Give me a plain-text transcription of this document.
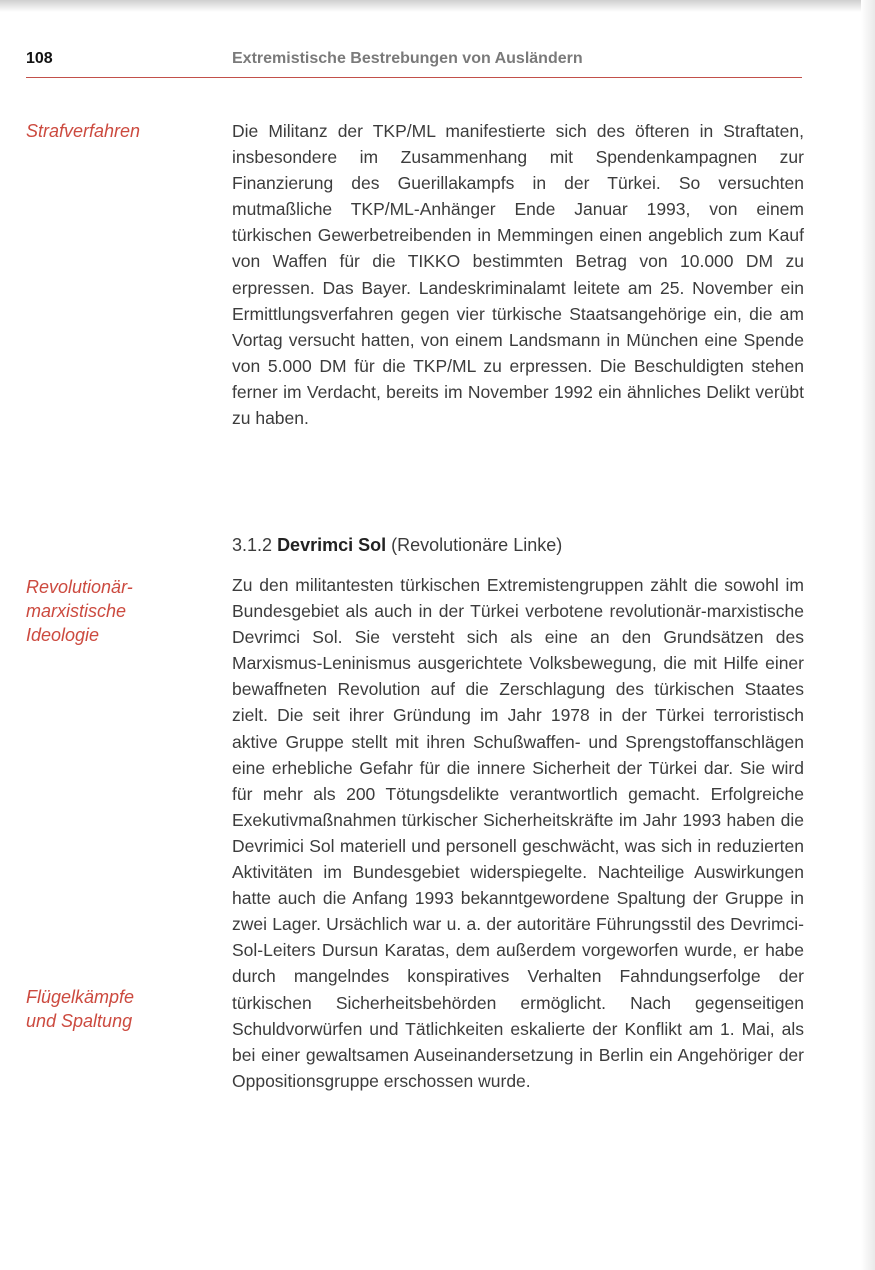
108	Extremistische Bestrebungen von Ausländern
Strafverfahren
Revolutionär-
marxistische
Ideologie
Flügelkämpfe
und Spaltung

Die Militanz der TKP/ML manifestierte sich des öfteren in Straftaten, insbesondere im Zusammenhang mit Spendenkampagnen zur Finanzierung des Guerillakampfs in der Türkei. So versuchten mutmaßliche TKP/ML-Anhänger Ende Januar 1993, von einem türkischen Gewerbetreibenden in Memmingen einen angeblich zum Kauf von Waffen für die TIKKO bestimmten Betrag von 10.000 DM zu erpressen. Das Bayer. Landeskriminalamt leitete am 25. November ein Ermittlungsverfahren gegen vier türkische Staatsangehörige ein, die am Vortag versucht hatten, von einem Landsmann in München eine Spende von 5.000 DM für die TKP/ML zu erpressen. Die Beschuldigten stehen ferner im Verdacht, bereits im November 1992 ein ähnliches Delikt verübt zu haben.

3.1.2 Devrimci Sol (Revolutionäre Linke)

Zu den militantesten türkischen Extremistengruppen zählt die sowohl im Bundesgebiet als auch in der Türkei verbotene revolutionär-marxistische Devrimci Sol. Sie versteht sich als eine an den Grundsätzen des Marxismus-Leninismus ausgerichtete Volksbewegung, die mit Hilfe einer bewaffneten Revolution auf die Zerschlagung des türkischen Staates zielt. Die seit ihrer Gründung im Jahr 1978 in der Türkei terroristisch aktive Gruppe stellt mit ihren Schußwaffen- und Sprengstoffanschlägen eine erhebliche Gefahr für die innere Sicherheit der Türkei dar. Sie wird für mehr als 200 Tötungsdelikte verantwortlich gemacht. Erfolgreiche Exekutivmaßnahmen türkischer Sicherheitskräfte im Jahr 1993 haben die Devrimici Sol materiell und personell geschwächt, was sich in reduzierten Aktivitäten im Bundesgebiet widerspiegelte. Nachteilige Auswirkungen hatte auch die Anfang 1993 bekanntgewordene Spaltung der Gruppe in zwei Lager. Ursächlich war u. a. der autoritäre Führungsstil des Devrimci-Sol-Leiters Dursun Karatas, dem außerdem vorgeworfen wurde, er habe durch mangelndes konspiratives Verhalten Fahndungserfolge der türkischen Sicherheitsbehörden ermöglicht. Nach gegenseitigen Schuldvorwürfen und Tätlichkeiten eskalierte der Konflikt am 1. Mai, als bei einer gewaltsamen Auseinandersetzung in Berlin ein Angehöriger der Oppositionsgruppe erschossen wurde.
